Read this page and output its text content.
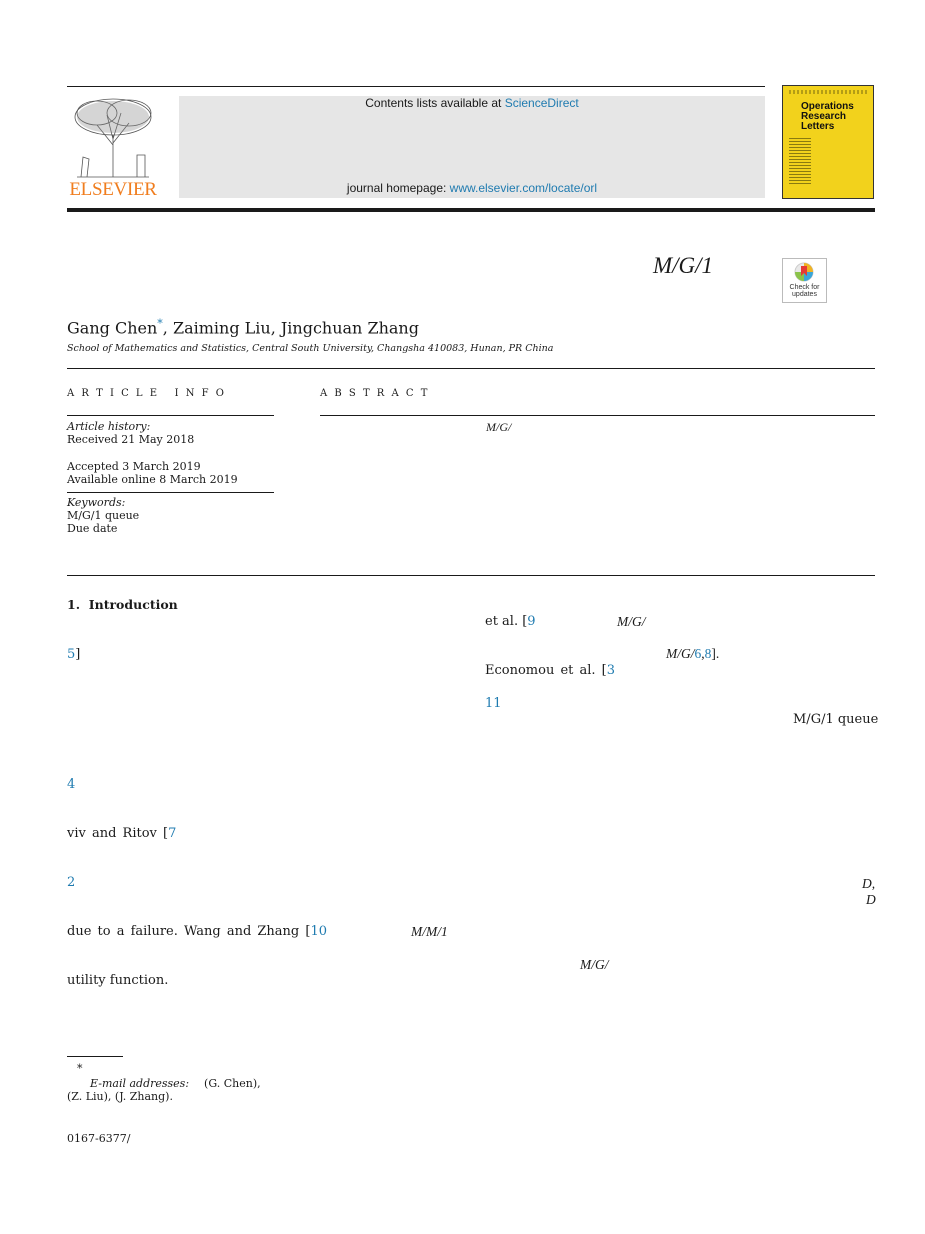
ELSEVIER
Contents lists available at ScienceDirect
journal homepage: www.elsevier.com/locate/orl
Operations
Research
Letters
M/G/1
Check for
updates
Gang Chen*, Zaiming Liu, Jingchuan Zhang
School of Mathematics and Statistics, Central South University, Changsha 410083, Hunan, PR China
A R T I C L E   I N F O
Article history:
Received 21 May 2018
Accepted 3 March 2019
Available online 8 March 2019
Keywords:
M/G/1 queue
Due date
A B S T R A C T
M/G/
1.  Introduction
5]
4
viv and Ritov [7
2
due to a failure. Wang and Zhang [10	M/M/1
utility function.
et al. [9	M/G/
M/G/6,8].
Economou et al. [3
11
M/G/1 queue
D,
D
M/G/
*
E-mail addresses: (G. Chen),
(Z. Liu), (J. Zhang).
0167-6377/
